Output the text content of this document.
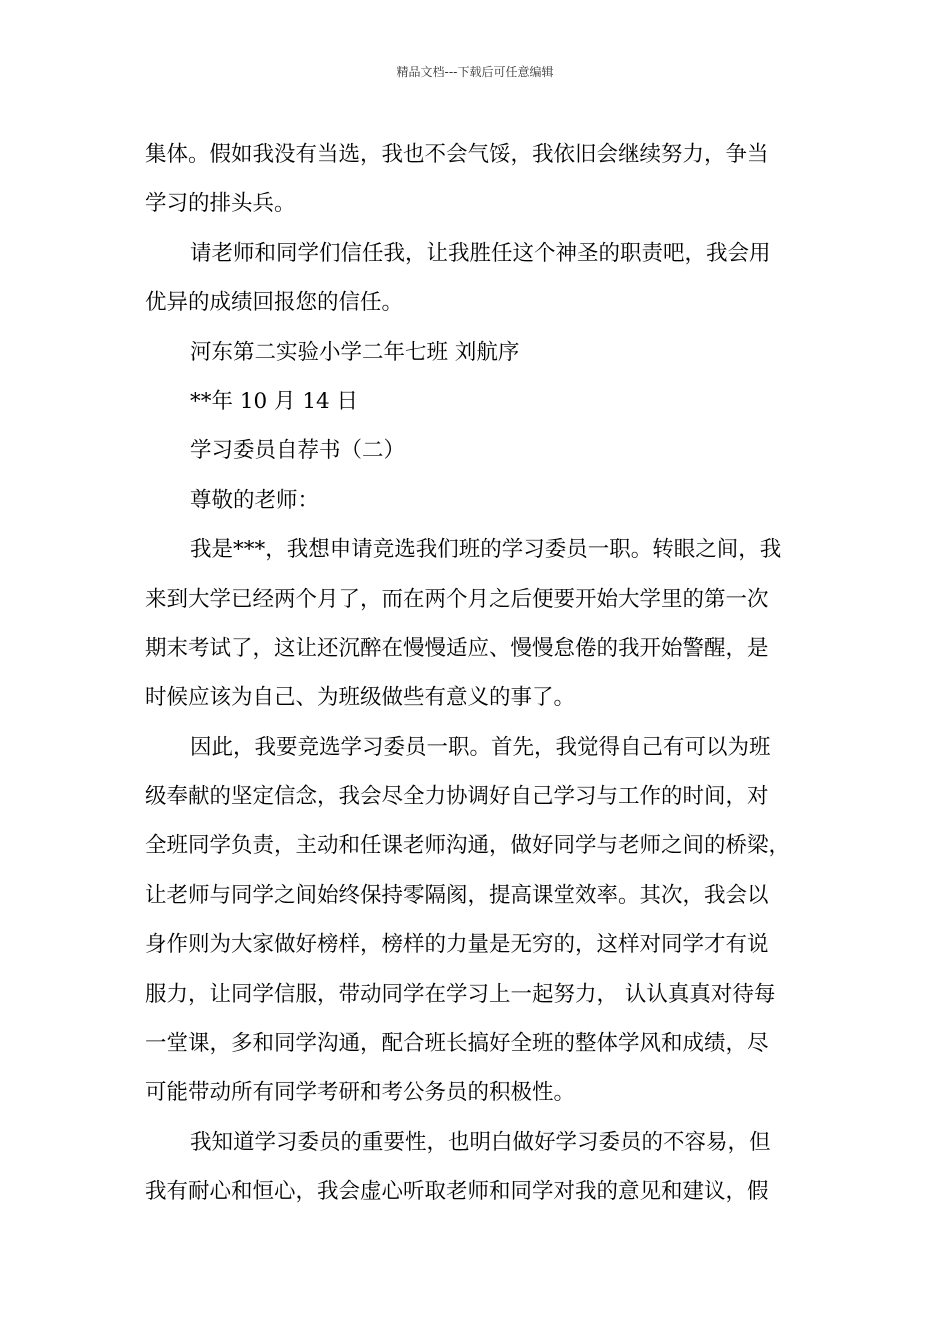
精品文档---下载后可任意编辑
集体。假如我没有当选，我也不会气馁，我依旧会继续努力，争当
学习的排头兵。
请老师和同学们信任我，让我胜任这个神圣的职责吧，我会用
优异的成绩回报您的信任。
河东第二实验小学二年七班 刘航序
**年 10 月 14 日
学习委员自荐书（二）
尊敬的老师：
我是***，我想申请竞选我们班的学习委员一职。转眼之间，我
来到大学已经两个月了，而在两个月之后便要开始大学里的第一次
期末考试了，这让还沉醉在慢慢适应、慢慢怠倦的我开始警醒，是
时候应该为自己、为班级做些有意义的事了。
因此，我要竞选学习委员一职。首先，我觉得自己有可以为班
级奉献的坚定信念，我会尽全力协调好自己学习与工作的时间，对
全班同学负责，主动和任课老师沟通，做好同学与老师之间的桥梁，
让老师与同学之间始终保持零隔阂，提高课堂效率。其次，我会以
身作则为大家做好榜样，榜样的力量是无穷的，这样对同学才有说
服力，让同学信服，带动同学在学习上一起努力， 认认真真对待每
一堂课，多和同学沟通，配合班长搞好全班的整体学风和成绩，尽
可能带动所有同学考研和考公务员的积极性。
我知道学习委员的重要性，也明白做好学习委员的不容易，但
我有耐心和恒心，我会虚心听取老师和同学对我的意见和建议，假
